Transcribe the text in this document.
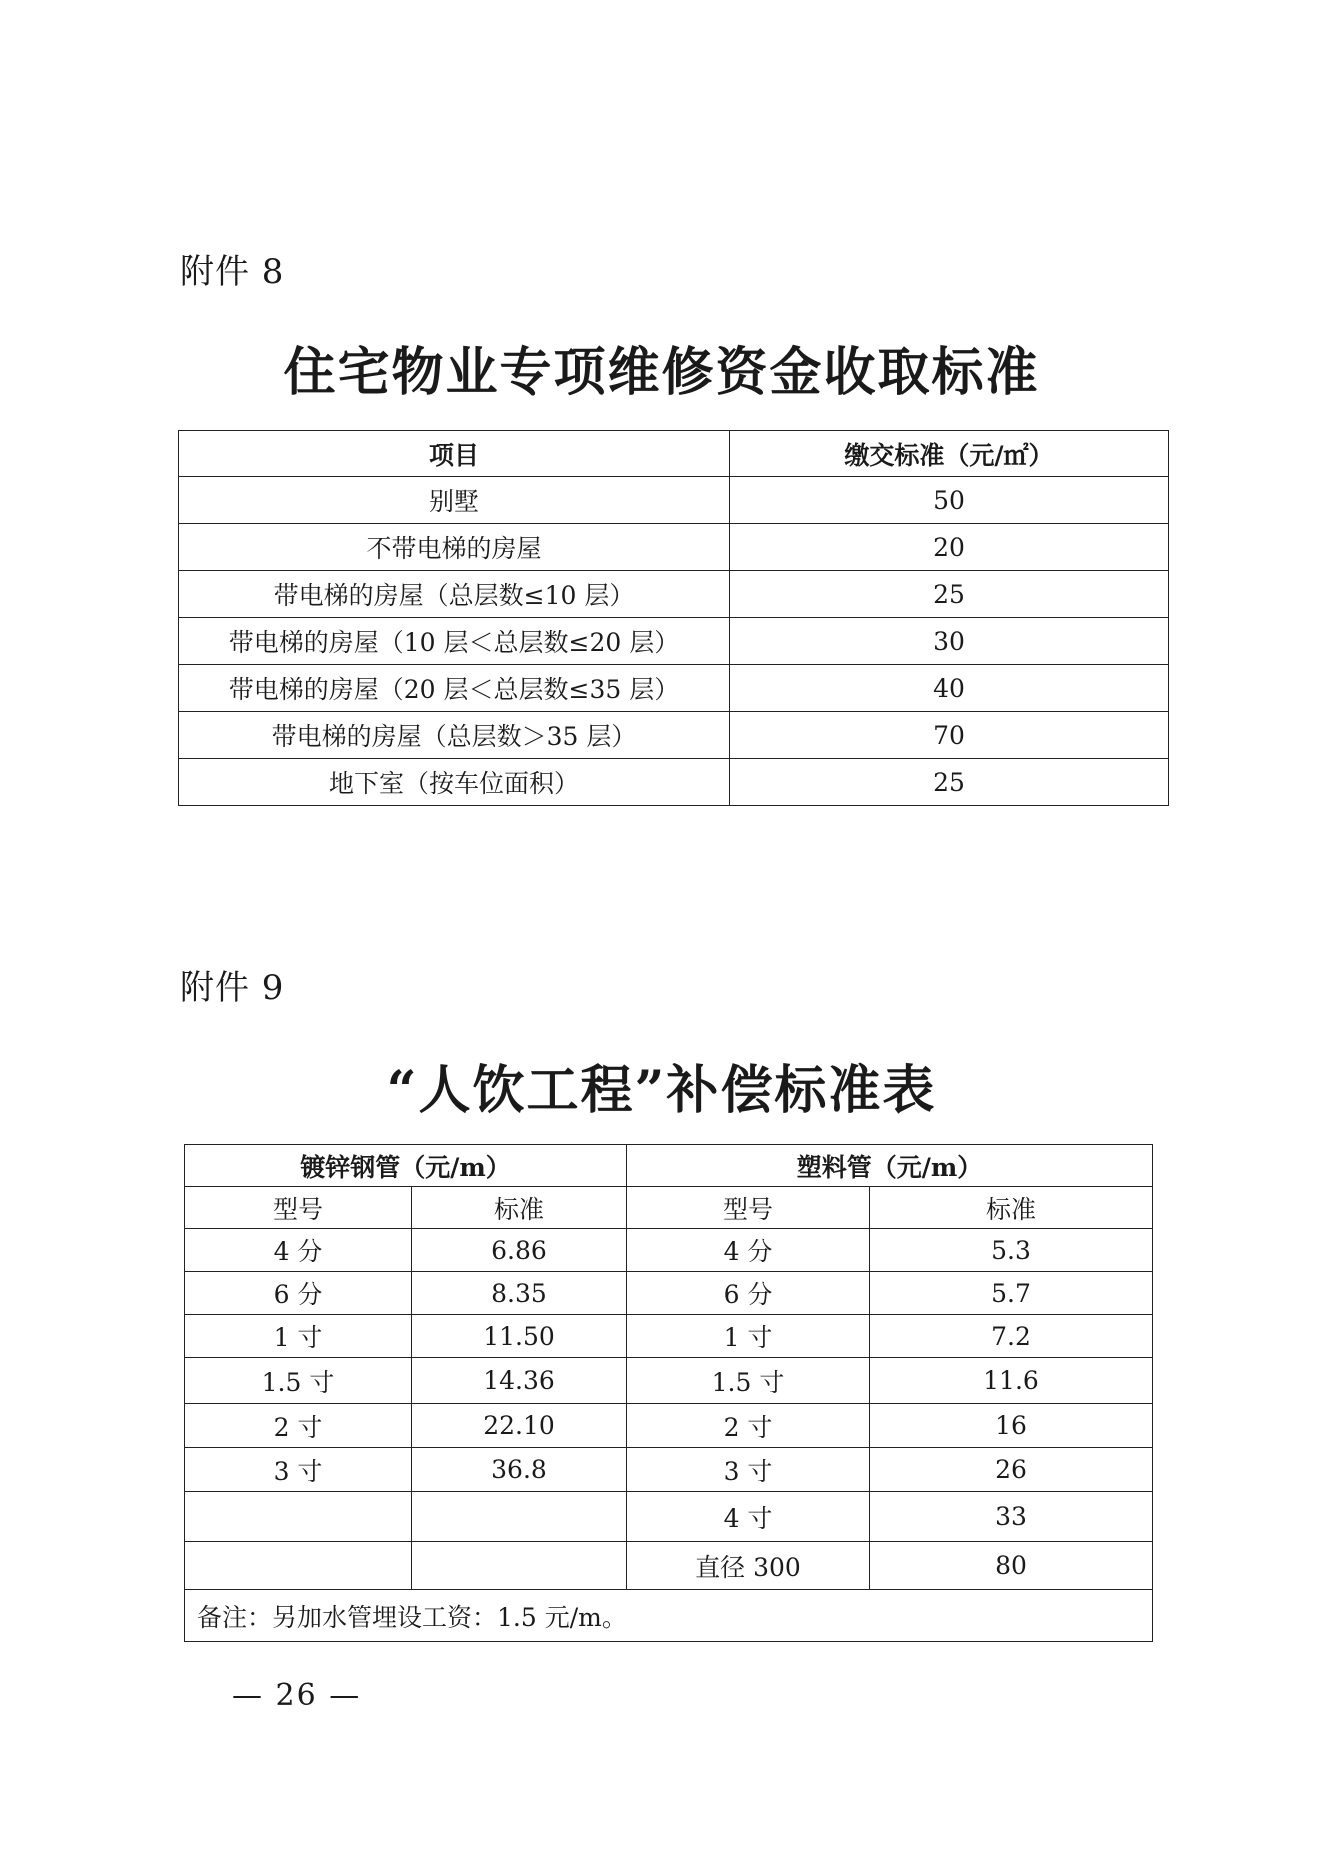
附件 8
住宅物业专项维修资金收取标准
项目	缴交标准（元/㎡）
别墅	50
不带电梯的房屋	20
带电梯的房屋（总层数≤10 层）	25
带电梯的房屋（10 层＜总层数≤20 层）	30
带电梯的房屋（20 层＜总层数≤35 层）	40
带电梯的房屋（总层数＞35 层）	70
地下室（按车位面积）	25
附件 9
“人饮工程”补偿标准表
镀锌钢管（元/m）		塑料管（元/m）	
型号	标准	型号	标准
4 分	6.86	4 分	5.3
6 分	8.35	6 分	5.7
1 寸	11.50	1 寸	7.2
1.5 寸	14.36	1.5 寸	11.6
2 寸	22.10	2 寸	16
3 寸	36.8	3 寸	26
		4 寸	33
		直径 300	80
备注：另加水管埋设工资：1.5 元/m。			
— 26 —
